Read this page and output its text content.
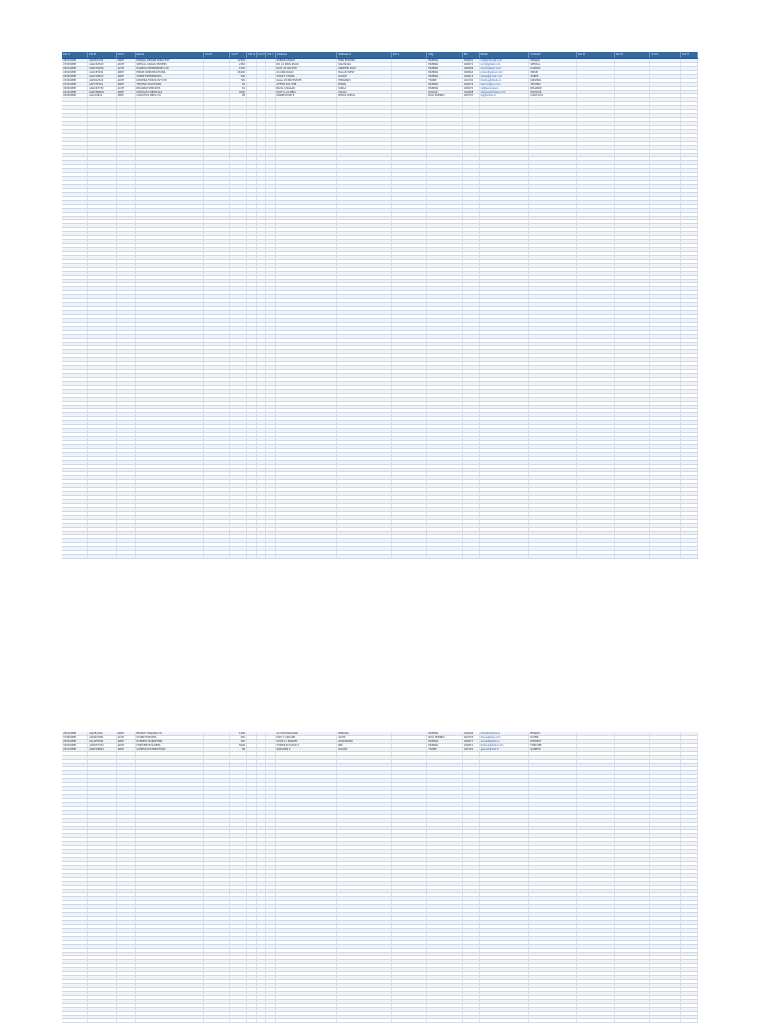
Col A	Col B	Col C	Name	Col E	Col F	Col G Col H Col I	Address	Address 2	Col L	City	Pin	Email	Contact	Col Q	Col R	Col S	Col T
U65100MH	AAKPC1234	ABVP	MANJALI DESIGN BUILD PVT	12345	ZUBAIR ASSAM	HIKO ESTATES	MUMBAI	400001	info@manjali.com	MANJALI
U74300MH	AAGCS4523	ADVP	SPECIAL CARGO MOVERS	2450	NO 12 MAIN ROAD	SAKI NAKA	MUMBAI	400072	scm@gmail.com	SPECIAL
U52100MH	AABCH1290	ACVP	HARSHA ENTERPRISES LTD	1500	PLOT 45 SECTOR	ANDHERI EAST	MUMBAI	400069	harsha@ent.com	HARSHA
U45200MH	AACCP3391	ABVP	PRISM CONSTRUCTIONS	98100	24 LINK ROAD	MALAD WEST	MUMBAI	400064	prism@yahoo.com	PRISM
U51909MH	AADCS8812	ABVP	SHREE ENTERPRISES	300	SHOP 3 CHAWL	DADAR	MUMBAI	400014	shree@gmail.com	SHREE
U15400MH	AAECK2210	ADVP	KRISHNA FOODS PVT LTD	700	GALA 18 IND ESTATE	BHIWANDI	THANE	421302	krishna@foods.in	KRISHNA
U72200MH	AAFCT5561	ABVP	TECHNO SOLUTIONS	45	OFFICE 201 HUB	POWAI	MUMBAI	400076	techno@sol.com	TECHNO
U93000MH	AAGCR7732	ACVP	RELIABLE SERVICES	62	BLDG 4 NAGAR	KURLA	MUMBAI	400070	rel@services.in	RELIABLE
U24100MH	AAHCM9901	ABVP	MAHAVIR CHEMICALS	2000	PLOT C-12 MIDC	TALOJA	RAIGAD	410208	mahavir@chem.com	MAHAVIR
U63000MH	AAICL4412	ABVP	LOGISTICS INDIA CO	88	WAREHOUSE 9	NHAVA SHEVA	NAVI MUMBAI	400707	log@india.co	LOGISTICS
U65100MH	AAJCB1290	ABVP	BHARAT TRADING CO	1200	12 STATION ROAD	BORIVALI	MUMBAI	400092	bharat@trade.in	BHARAT
U74900MH	AAKCD3381	ACVP	DIVINE EXPORTS	450	UNIT 7 ARCADE	VASHI	NAVI MUMBAI	400703	divine@exp.com	DIVINE
U52300MH	AALCE5590	ABVP	EVEREST MARKETING	320	SHOP 11 MARKET	GHATKOPAR	MUMBAI	400077	everest@mkt.in	EVEREST
U45400MH	AAMCF7702	ADVP	FORTUNE BUILDERS	5600	TOWER B FLOOR 3	BKC	MUMBAI	400051	fortune@build.com	FORTUNE
U51100MH	AANCG8823	ABVP	GANESH DISTRIBUTORS	90	GODOWN 4	KALYAN	THANE	421301	ganesh@dist.in	GANESH
